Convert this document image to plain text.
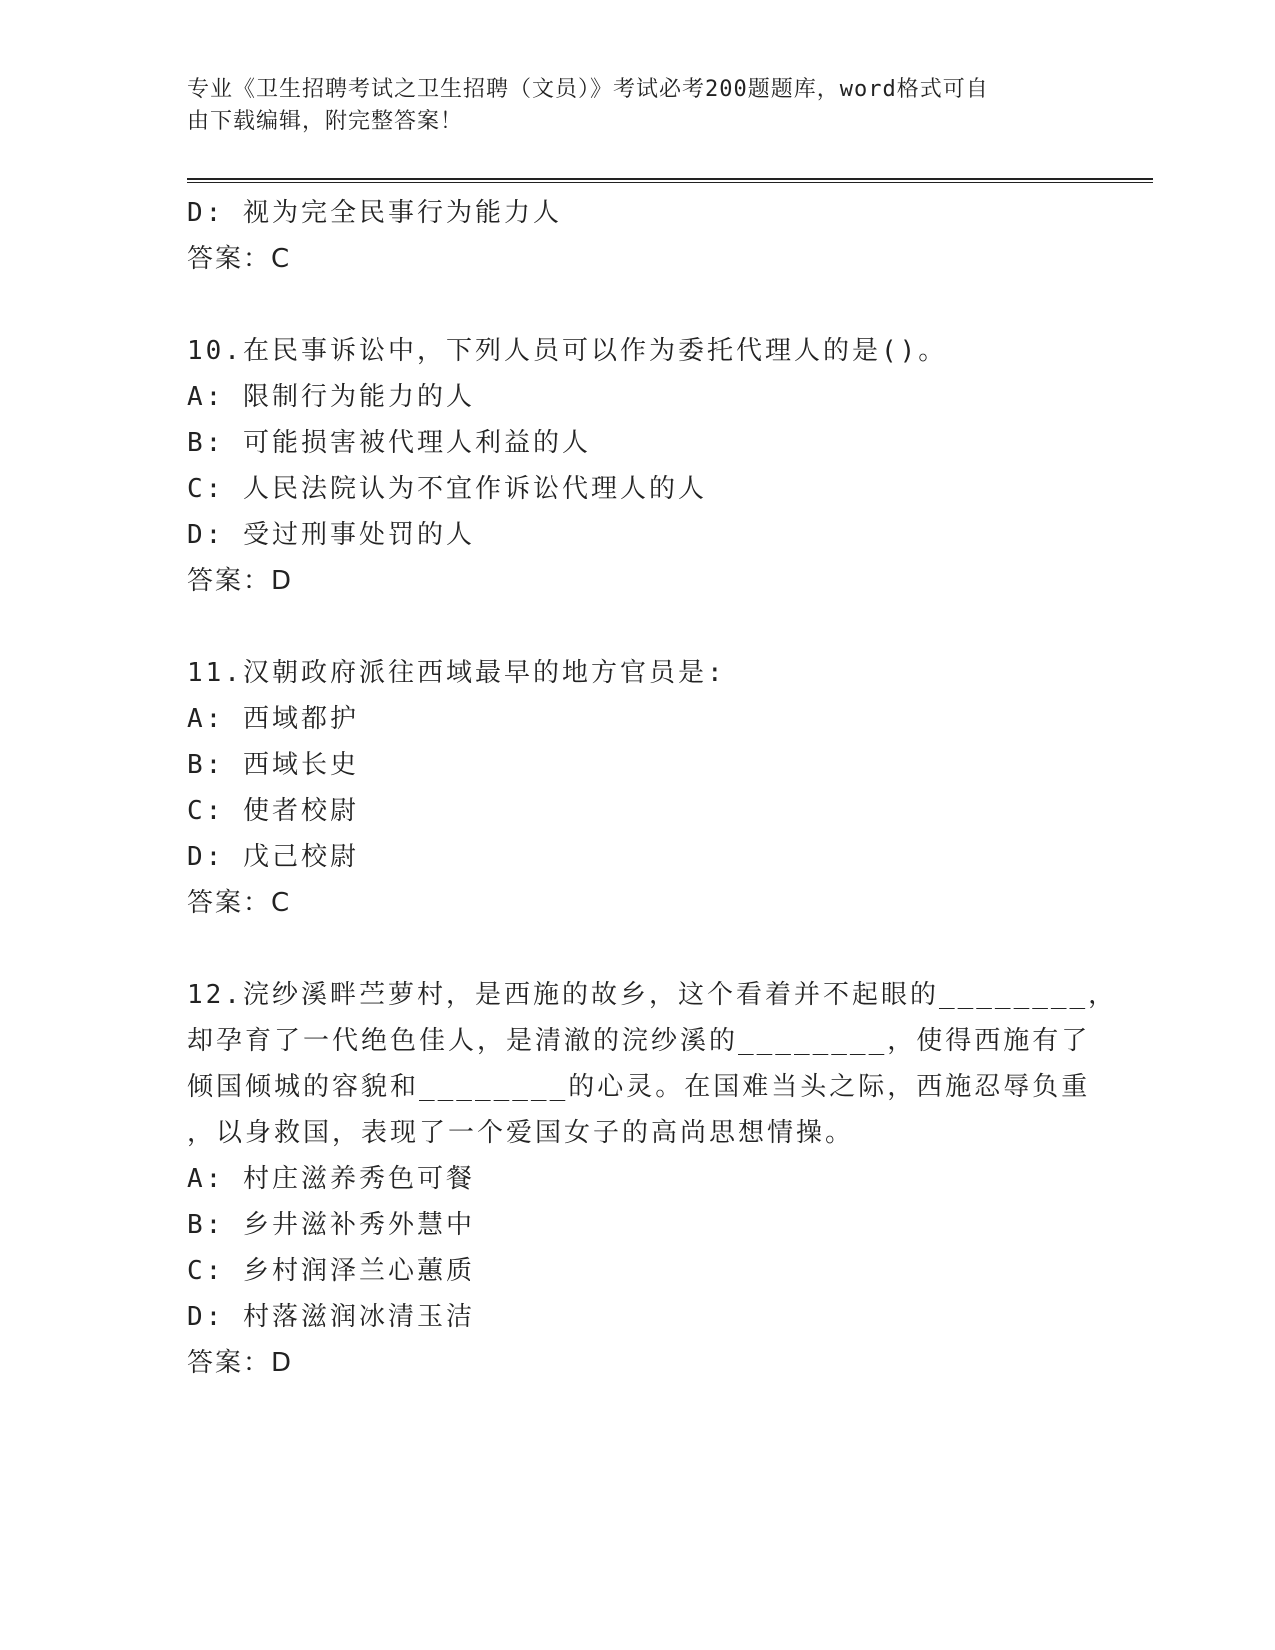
专业《卫生招聘考试之卫生招聘（文员）》考试必考200题题库，word格式可自
由下载编辑，附完整答案！
D: 视为完全民事行为能力人
答案：C
10.在民事诉讼中，下列人员可以作为委托代理人的是()。
A: 限制行为能力的人
B: 可能损害被代理人利益的人
C: 人民法院认为不宜作诉讼代理人的人
D: 受过刑事处罚的人
答案：D
11.汉朝政府派往西域最早的地方官员是:
A: 西域都护
B: 西域长史
C: 使者校尉
D: 戊己校尉
答案：C
12.浣纱溪畔苎萝村，是西施的故乡，这个看着并不起眼的________，
却孕育了一代绝色佳人，是清澈的浣纱溪的________，使得西施有了
倾国倾城的容貌和________的心灵。在国难当头之际，西施忍辱负重
，以身救国，表现了一个爱国女子的高尚思想情操。
A: 村庄滋养秀色可餐
B: 乡井滋补秀外慧中
C: 乡村润泽兰心蕙质
D: 村落滋润冰清玉洁
答案：D
